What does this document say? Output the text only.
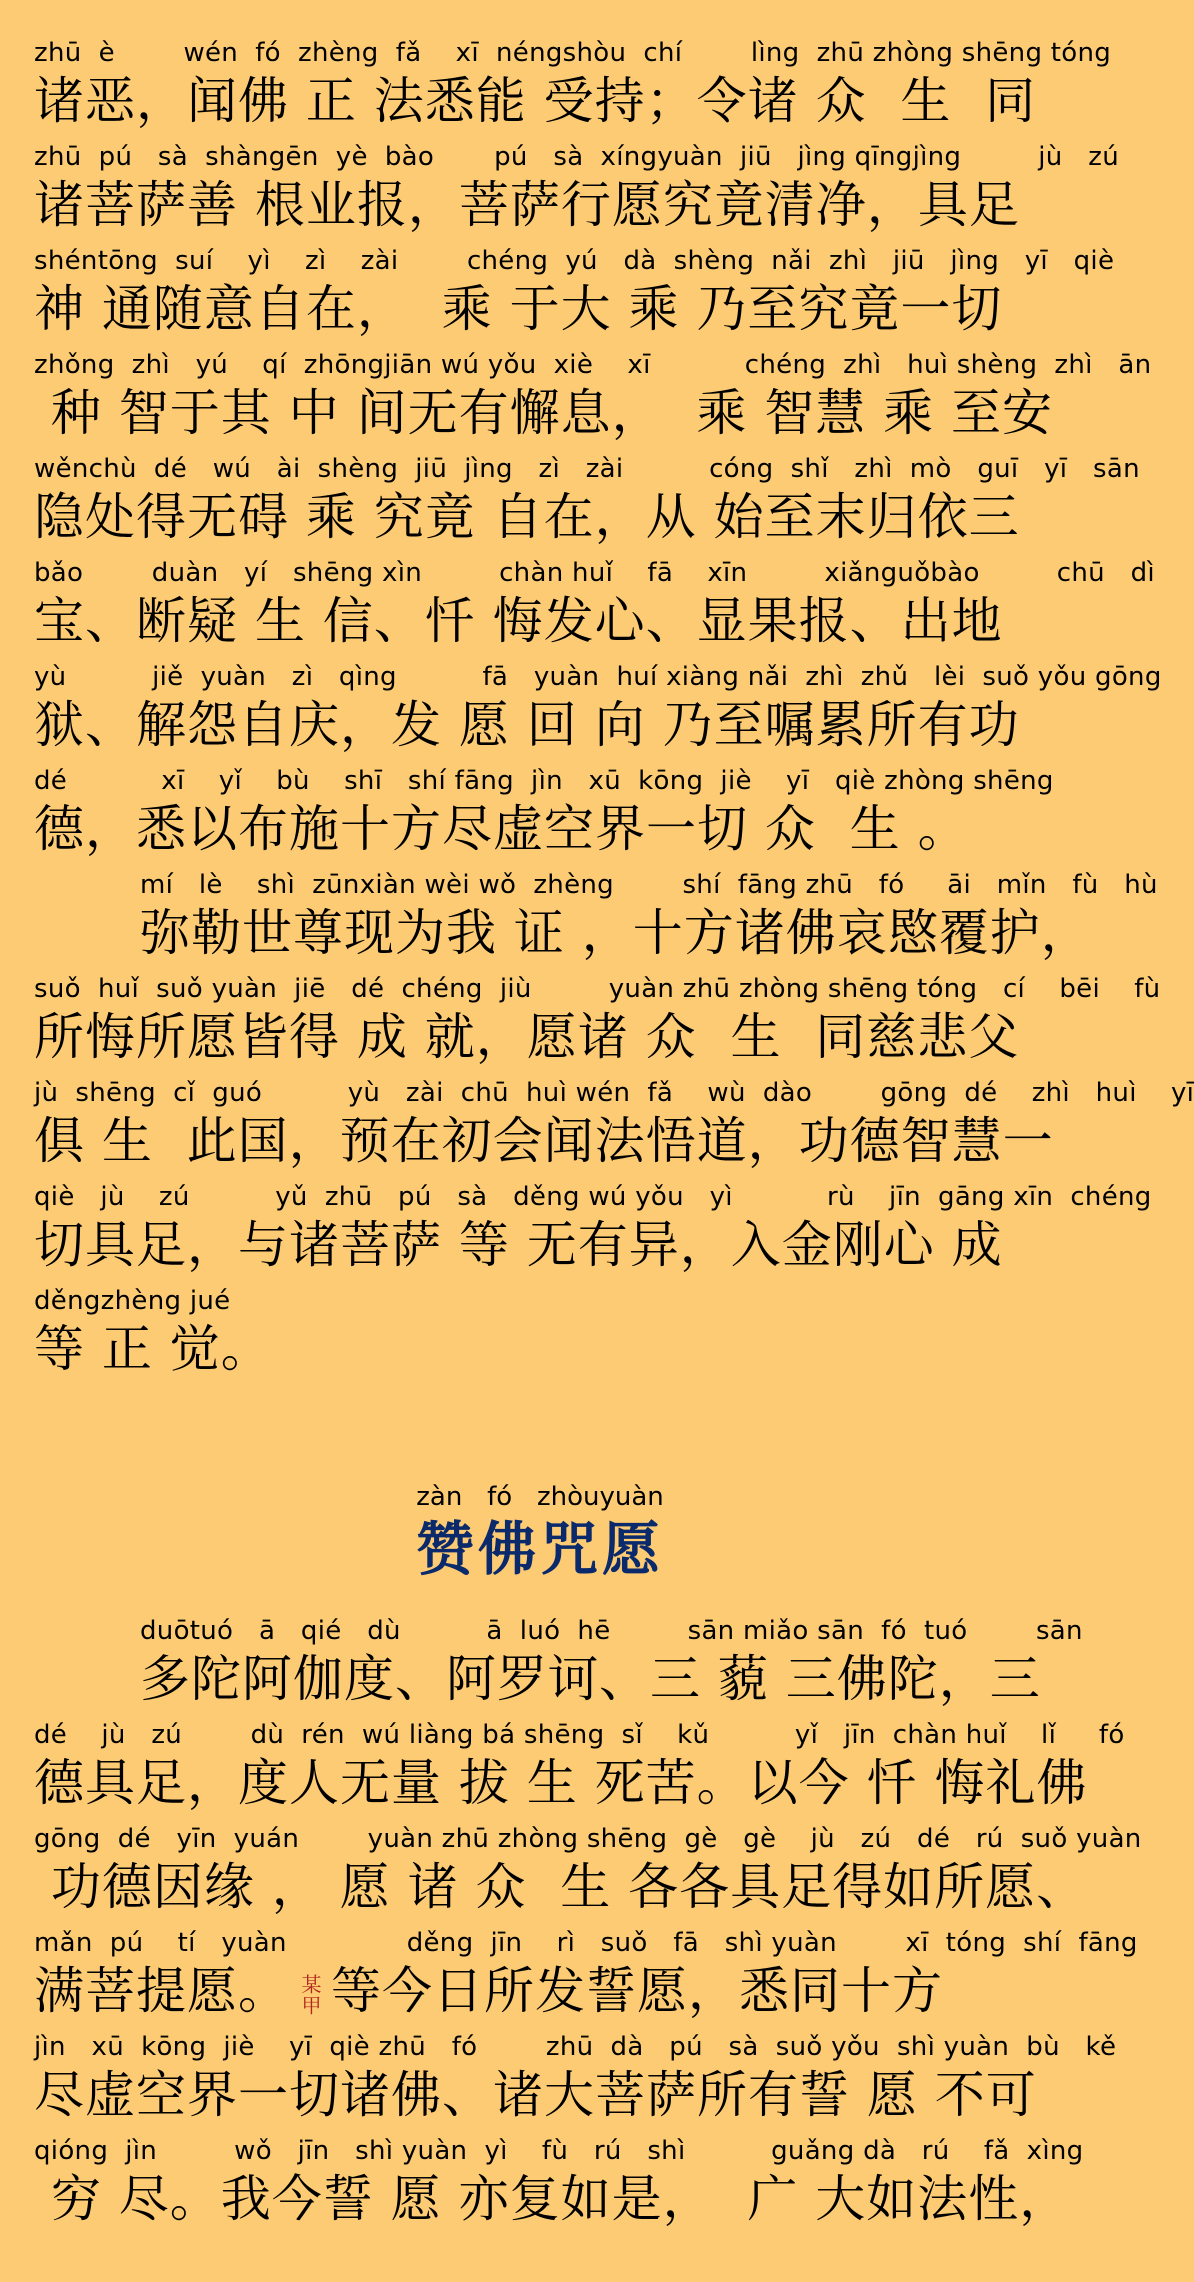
zhū  è        wén  fó  zhèng  fǎ    xī  néngshòu  chí        lìng  zhū zhòng shēng tóng
诸恶，闻佛 正 法悉能 受持；令诸 众  生  同
zhū  pú   sà  shàngēn  yè  bào       pú   sà  xíngyuàn  jiū   jìng qīngjìng         jù   zú
诸菩萨善 根业报，菩萨行愿究竟清净，具足
shéntōng  suí    yì    zì    zài        chéng  yú   dà  shèng  nǎi  zhì   jiū   jìng   yī   qiè
神 通随意自在，  乘 于大 乘 乃至究竟一切
zhǒng  zhì   yú    qí  zhōngjiān wú yǒu  xiè    xī           chéng  zhì   huì shèng  zhì   ān
种 智于其 中 间无有懈息，  乘 智慧 乘 至安
wěnchù  dé   wú   ài  shèng  jiū  jìng   zì   zài          cóng  shǐ   zhì  mò   guī   yī   sān
隐处得无碍 乘 究竟 自在，从 始至末归依三
bǎo        duàn   yí   shēng xìn         chàn huǐ    fā    xīn         xiǎnguǒbào         chū   dì
宝、断疑 生 信、忏 悔发心、显果报、出地
yù          jiě  yuàn   zì   qìng          fā   yuàn  huí xiàng nǎi  zhì  zhǔ   lèi  suǒ yǒu gōng
狱、解怨自庆，发 愿 回 向 乃至嘱累所有功
dé           xī    yǐ    bù    shī   shí fāng  jìn   xū  kōng  jiè    yī   qiè zhòng shēng
德，悉以布施十方尽虚空界一切 众  生 。
mí   lè    shì  zūnxiàn wèi wǒ  zhèng        shí  fāng zhū   fó     āi   mǐn   fù   hù
弥勒世尊现为我 证 ，十方诸佛哀愍覆护，
suǒ  huǐ  suǒ yuàn  jiē   dé  chéng  jiù         yuàn zhū zhòng shēng tóng   cí    bēi    fù
所悔所愿皆得 成 就，愿诸 众  生  同慈悲父
jù  shēng  cǐ  guó          yù   zài  chū  huì wén  fǎ    wù  dào        gōng  dé    zhì   huì    yī
俱 生  此国，预在初会闻法悟道，功德智慧一
qiè   jù    zú          yǔ  zhū   pú   sà   děng wú yǒu   yì           rù    jīn  gāng xīn  chéng
切具足，与诸菩萨 等 无有异，入金刚心 成
děngzhèng jué
等 正 觉。
zàn   fó   zhòuyuàn
赞佛咒愿
duōtuó   ā   qié   dù          ā  luó  hē         sān miǎo sān  fó  tuó        sān
多陀阿伽度、阿罗诃、三 藐 三佛陀，三
dé    jù   zú        dù  rén  wú liàng bá shēng  sǐ    kǔ          yǐ   jīn  chàn huǐ    lǐ     fó
德具足，度人无量 拔 生 死苦。以今 忏 悔礼佛
gōng  dé   yīn  yuán        yuàn zhū zhòng shēng  gè   gè    jù   zú   dé   rú  suǒ yuàn
功德因缘 ， 愿 诸 众  生 各各具足得如所愿、
mǎn  pú    tí   yuàn              děng  jīn    rì   suǒ   fā   shì yuàn        xī  tóng  shí  fāng
满菩提愿。 某甲 等今日所发誓愿，悉同十方
jìn   xū  kōng  jiè    yī  qiè zhū   fó        zhū  dà   pú   sà  suǒ yǒu  shì yuàn  bù   kě
尽虚空界一切诸佛、诸大菩萨所有誓 愿 不可
qióng  jìn         wǒ   jīn   shì yuàn  yì    fù   rú   shì          guǎng dà   rú    fǎ  xìng
穷 尽。我今誓 愿 亦复如是，  广 大如法性，
